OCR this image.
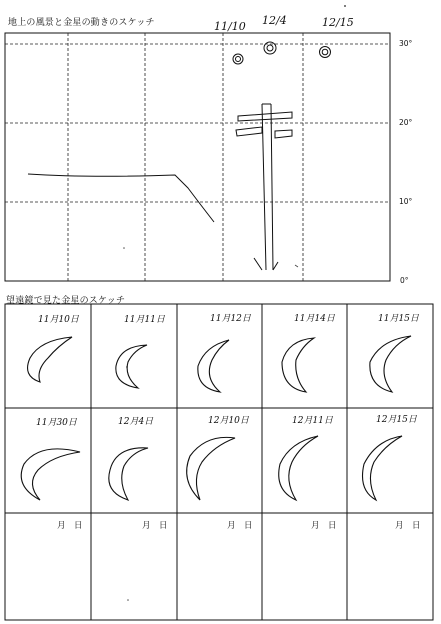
地上の風景と金星の動きのスケッチ	11/10 12/4	12/15
30°
20°
10°
0°
望遠鏡で見た金星のスケッチ
11月10日	11月11日	11月12日	11月14日	11月15日
11月30日	12月4日	12月10日	12月11日	12月15日
月　日	月　日	月　日	月　日	月　日
